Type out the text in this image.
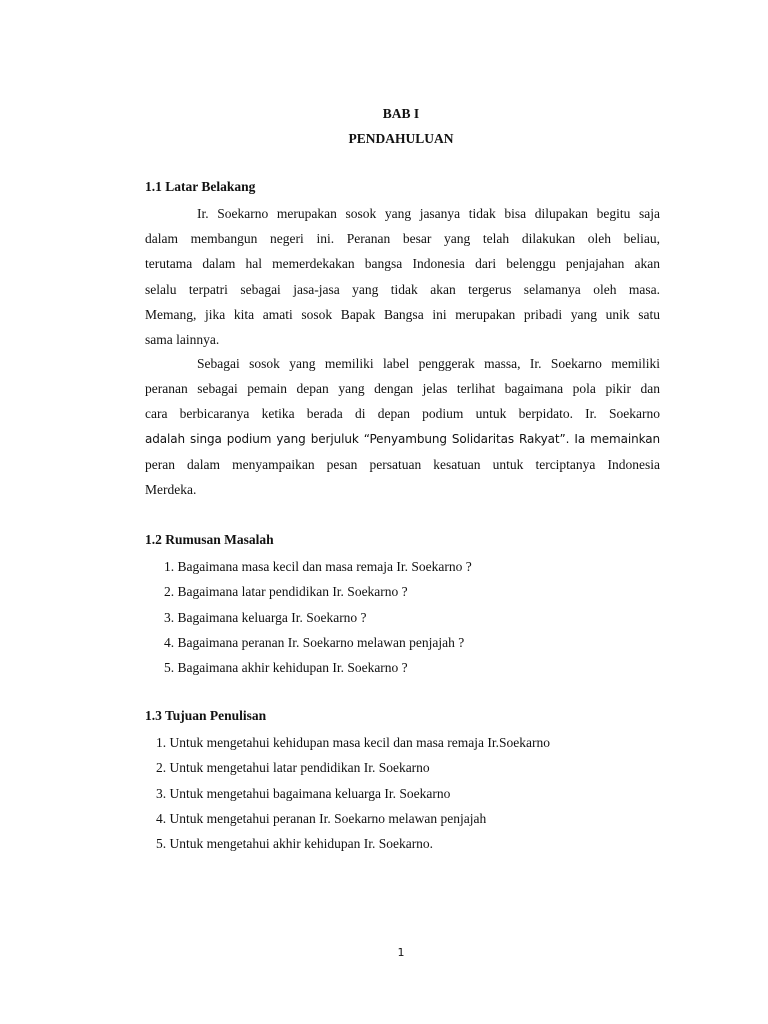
BAB I
PENDAHULUAN
1.1 Latar Belakang
Ir. Soekarno merupakan sosok yang jasanya tidak bisa dilupakan begitu saja
dalam membangun negeri ini. Peranan besar yang telah dilakukan oleh beliau,
terutama dalam hal memerdekakan bangsa Indonesia dari belenggu penjajahan akan
selalu terpatri sebagai jasa-jasa yang tidak akan tergerus selamanya oleh masa.
Memang, jika kita amati sosok Bapak Bangsa ini merupakan pribadi yang unik satu
sama lainnya.
Sebagai sosok yang memiliki label penggerak massa, Ir. Soekarno memiliki
peranan sebagai pemain depan yang dengan jelas terlihat bagaimana pola pikir dan
cara berbicaranya ketika berada di depan podium untuk berpidato. Ir. Soekarno
adalah singa podium yang berjuluk “Penyambung Solidaritas Rakyat”. Ia memainkan
peran dalam menyampaikan pesan persatuan kesatuan untuk terciptanya Indonesia
Merdeka.
1.2 Rumusan Masalah
1. Bagaimana masa kecil dan masa remaja Ir. Soekarno ?
2. Bagaimana latar pendidikan Ir. Soekarno ?
3. Bagaimana keluarga Ir. Soekarno ?
4. Bagaimana peranan Ir. Soekarno melawan penjajah ?
5. Bagaimana akhir kehidupan Ir. Soekarno ?
1.3 Tujuan Penulisan
1. Untuk mengetahui kehidupan masa kecil dan masa remaja Ir.Soekarno
2. Untuk mengetahui latar pendidikan Ir. Soekarno
3. Untuk mengetahui bagaimana keluarga Ir. Soekarno
4. Untuk mengetahui peranan Ir. Soekarno melawan penjajah
5. Untuk mengetahui akhir kehidupan Ir. Soekarno.
1
